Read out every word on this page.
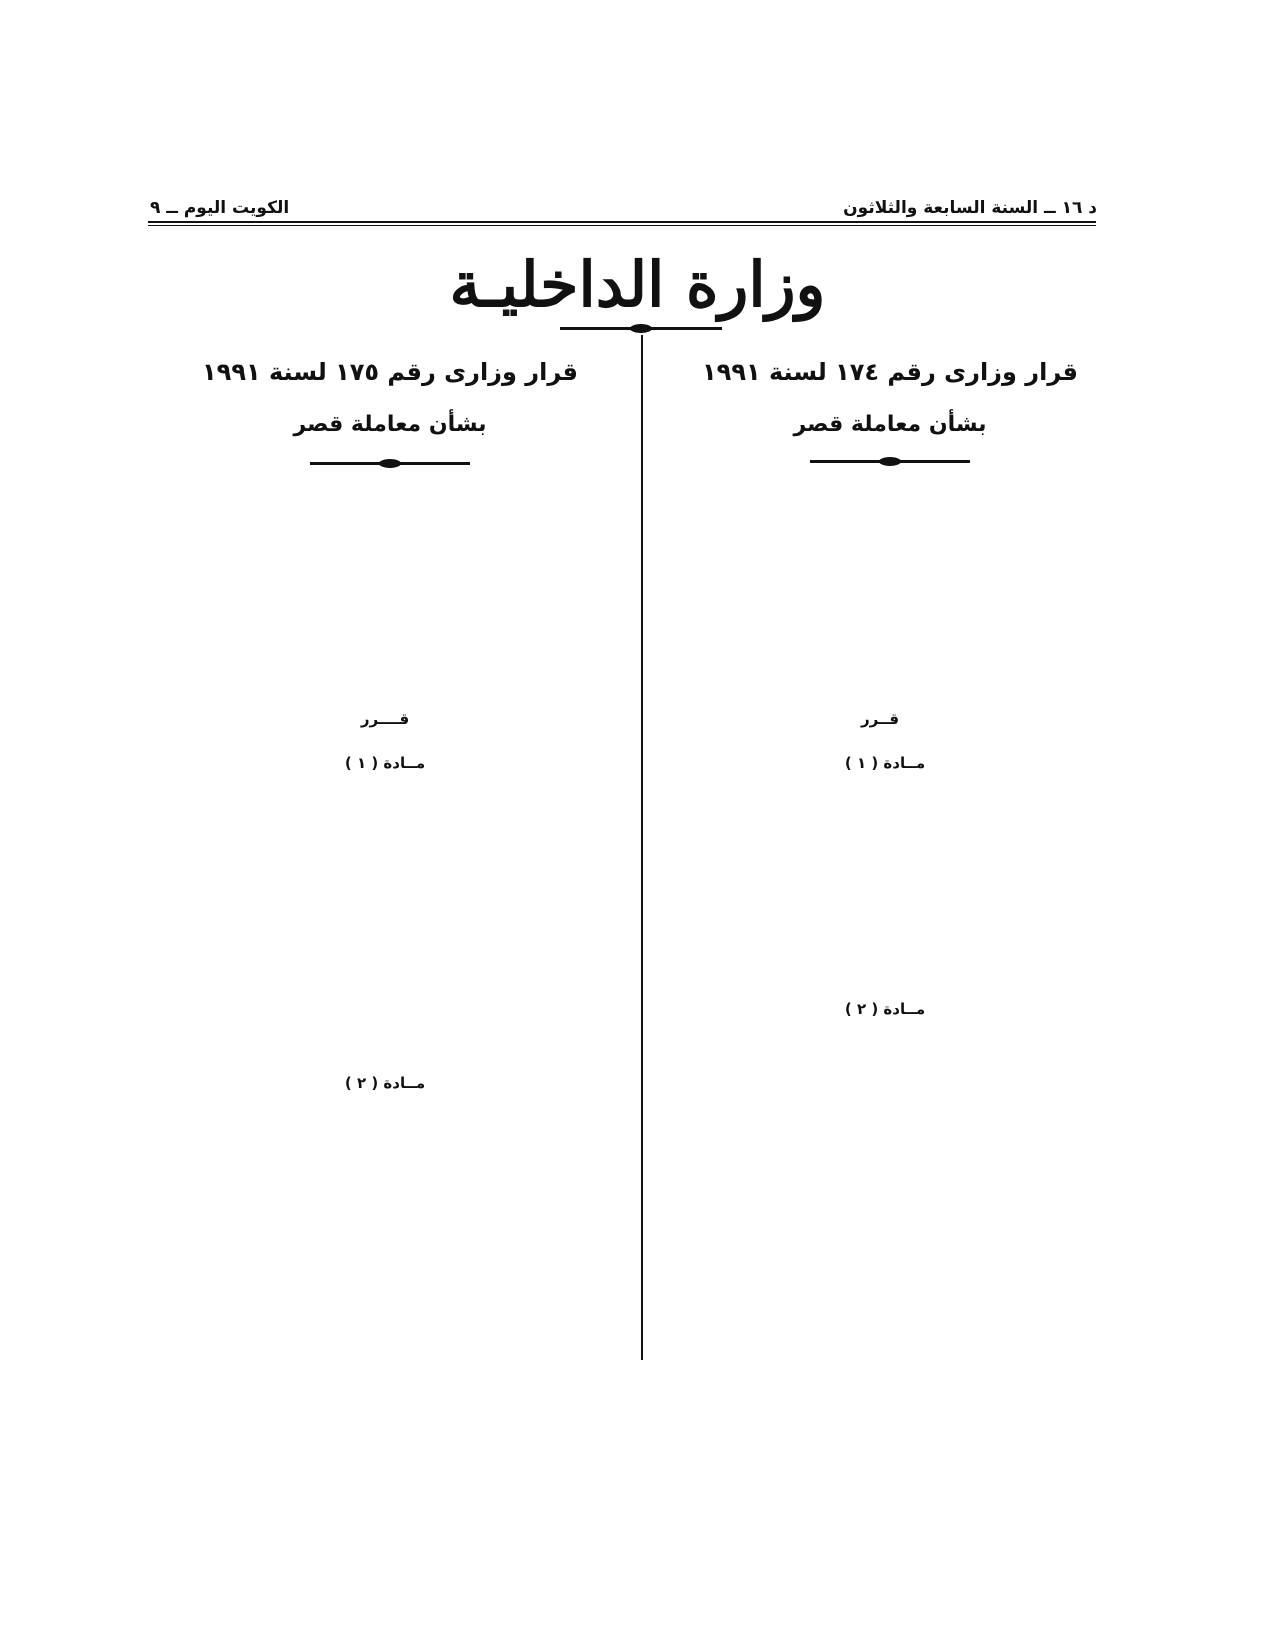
الكويت اليوم ــ ٩	د ١٦ ــ السنة السابعة والثلاثون
وزارة الداخليـة
قرار وزارى رقم ١٧٥ لسنة ١٩٩١
بشأن معاملة قصر
قــــرر
مــادة ( ١ )
مــادة ( ٢ )
قرار وزارى رقم ١٧٤ لسنة ١٩٩١
بشأن معاملة قصر
قــرر
مــادة ( ١ )
مــادة ( ٢ )
